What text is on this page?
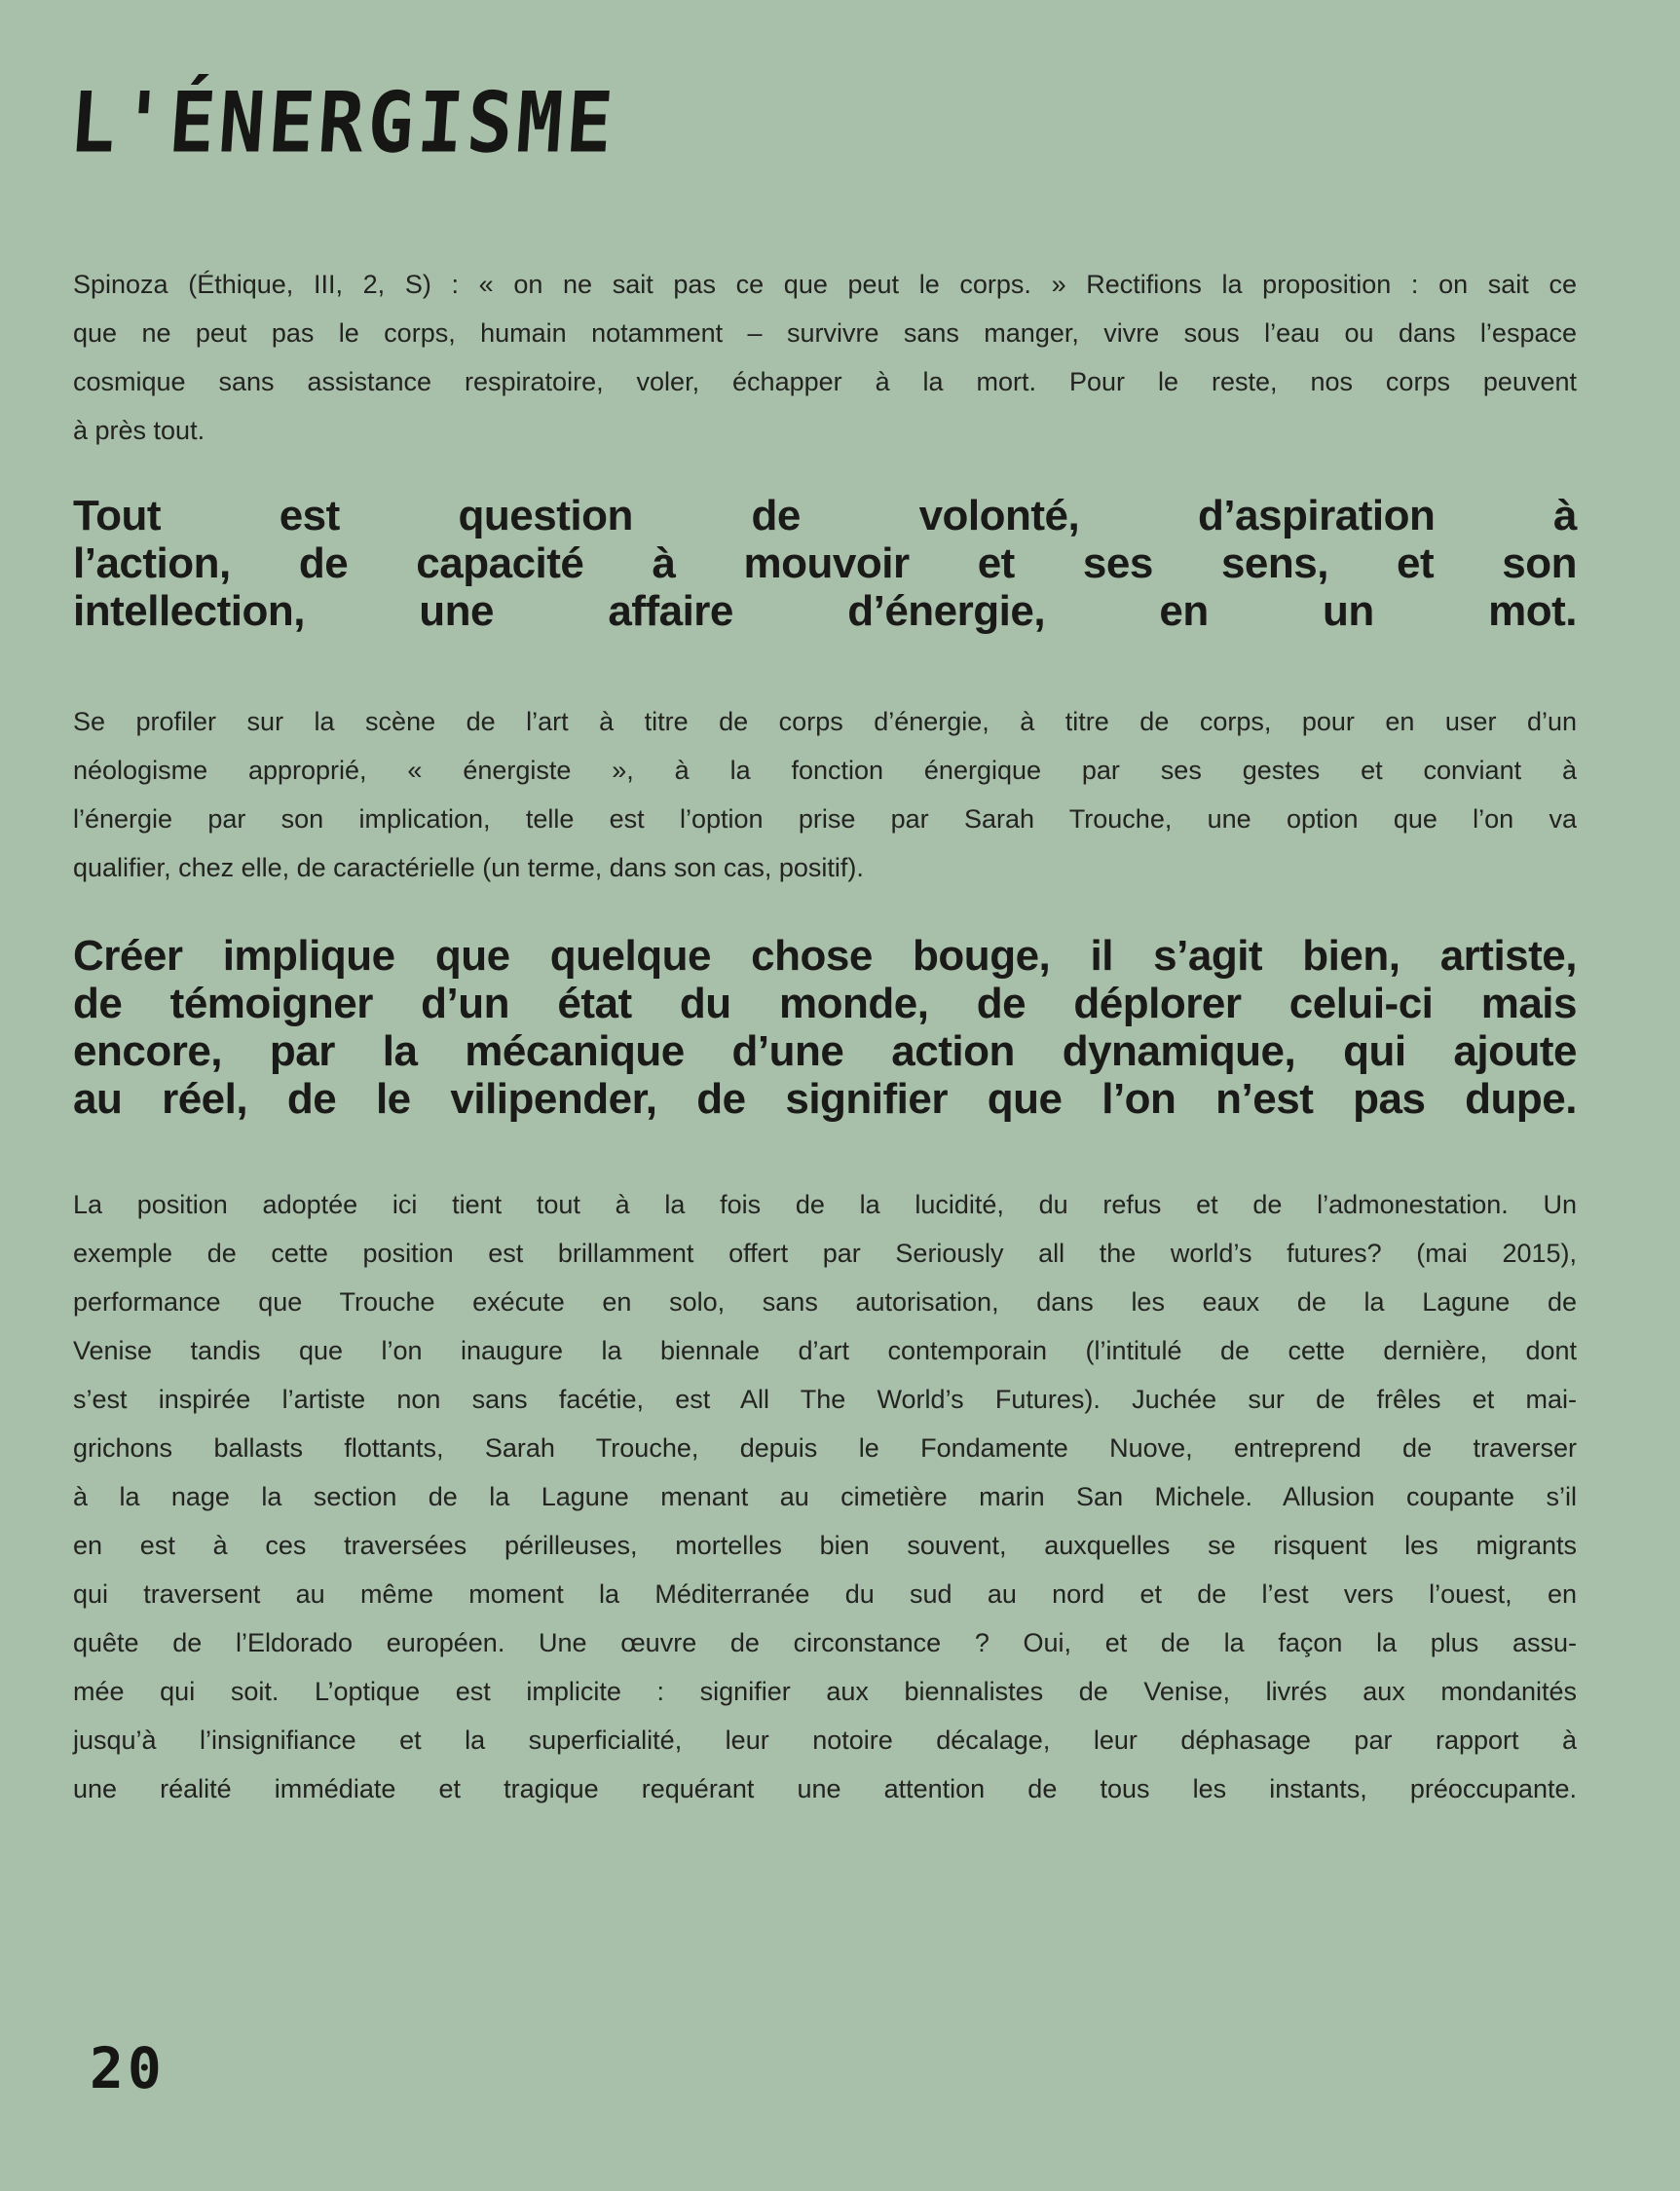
L'ÉNERGISME
Spinoza (Éthique, III, 2, S) : « on ne sait pas ce que peut le corps. » Rectifions la proposition : on sait ce
que ne peut pas le corps, humain notamment – survivre sans manger, vivre sous l’eau ou dans l’espace
cosmique sans assistance respiratoire, voler, échapper à la mort. Pour le reste, nos corps peuvent
à près tout.
Tout est question de volonté, d’aspiration à
l’action, de capacité à mouvoir et ses sens, et son
intellection, une affaire d’énergie, en un mot.
Se profiler sur la scène de l’art à titre de corps d’énergie, à titre de corps, pour en user d’un
néologisme approprié, « énergiste », à la fonction énergique par ses gestes et conviant à
l’énergie par son implication, telle est l’option prise par Sarah Trouche, une option que l’on va
qualifier, chez elle, de caractérielle (un terme, dans son cas, positif).
Créer implique que quelque chose bouge, il s’agit bien, artiste,
de témoigner d’un état du monde, de déplorer celui-ci mais
encore, par la mécanique d’une action dynamique, qui ajoute
au réel, de le vilipender, de signifier que l’on n’est pas dupe.
La position adoptée ici tient tout à la fois de la lucidité, du refus et de l’admonestation. Un
exemple de cette position est brillamment offert par Seriously all the world’s futures? (mai 2015),
performance que Trouche exécute en solo, sans autorisation, dans les eaux de la Lagune de
Venise tandis que l’on inaugure la biennale d’art contemporain (l’intitulé de cette dernière, dont
s’est inspirée l’artiste non sans facétie, est All The World’s Futures). Juchée sur de frêles et mai-
grichons ballasts flottants, Sarah Trouche, depuis le Fondamente Nuove, entreprend de traverser
à la nage la section de la Lagune menant au cimetière marin San Michele. Allusion coupante s’il
en est à ces traversées périlleuses, mortelles bien souvent, auxquelles se risquent les migrants
qui traversent au même moment la Méditerranée du sud au nord et de l’est vers l’ouest, en
quête de l’Eldorado européen. Une œuvre de circonstance ? Oui, et de la façon la plus assu-
mée qui soit. L’optique est implicite : signifier aux biennalistes de Venise, livrés aux mondanités
jusqu’à l’insignifiance et la superficialité, leur notoire décalage, leur déphasage par rapport à
une réalité immédiate et tragique requérant une attention de tous les instants, préoccupante.
20
